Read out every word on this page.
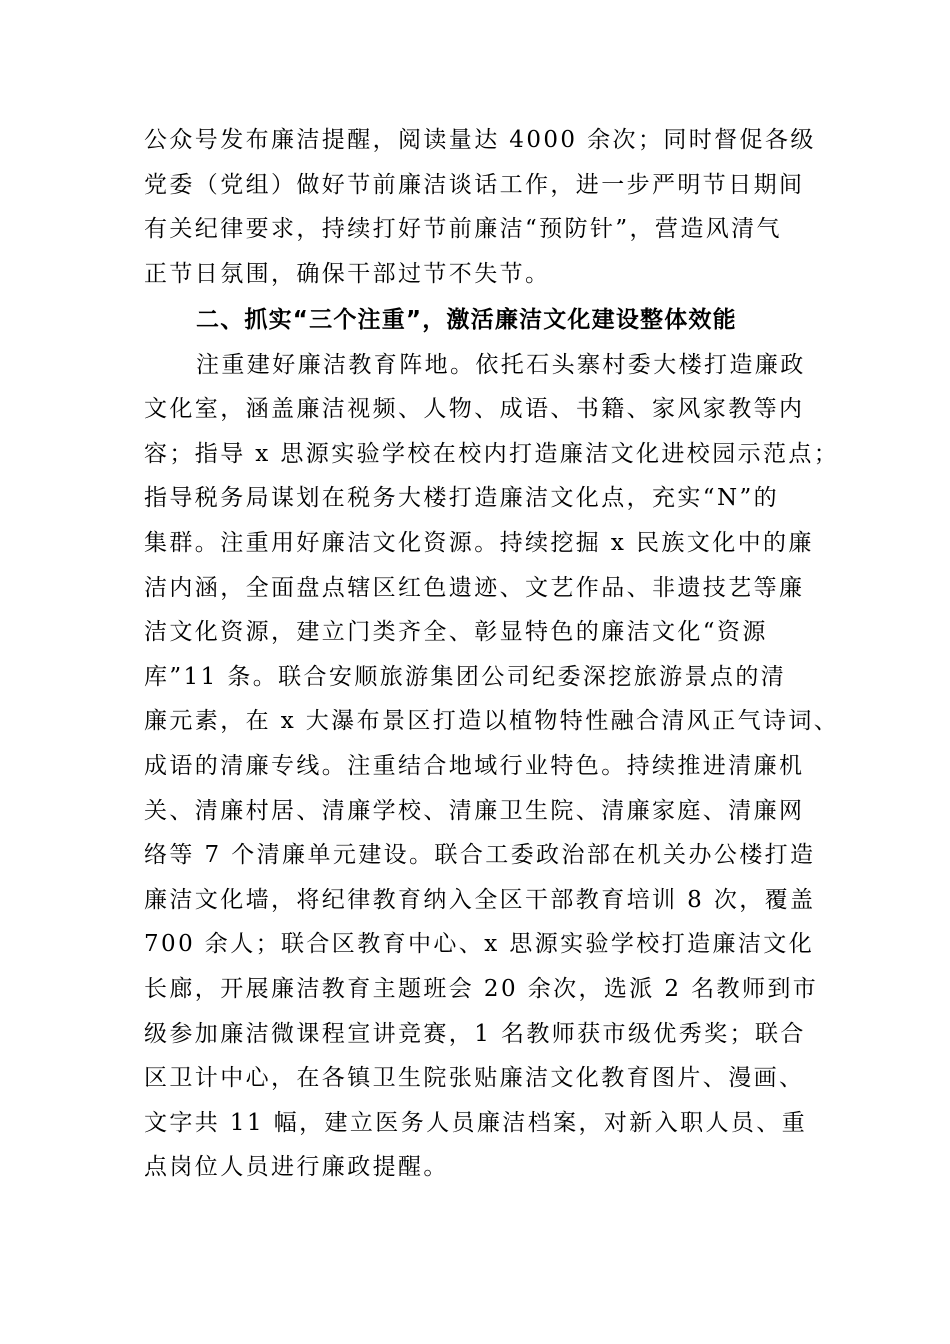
公众号发布廉洁提醒，阅读量达 4000 余次；同时督促各级
党委（党组）做好节前廉洁谈话工作，进一步严明节日期间
有关纪律要求，持续打好节前廉洁“预防针”，营造风清气
正节日氛围，确保干部过节不失节。
二、抓实“三个注重”，激活廉洁文化建设整体效能
注重建好廉洁教育阵地。依托石头寨村委大楼打造廉政
文化室，涵盖廉洁视频、人物、成语、书籍、家风家教等内
容；指导 x 思源实验学校在校内打造廉洁文化进校园示范点；
指导税务局谋划在税务大楼打造廉洁文化点，充实“N”的
集群。注重用好廉洁文化资源。持续挖掘 x 民族文化中的廉
洁内涵，全面盘点辖区红色遗迹、文艺作品、非遗技艺等廉
洁文化资源，建立门类齐全、彰显特色的廉洁文化“资源
库”11 条。联合安顺旅游集团公司纪委深挖旅游景点的清
廉元素，在 x 大瀑布景区打造以植物特性融合清风正气诗词、
成语的清廉专线。注重结合地域行业特色。持续推进清廉机
关、清廉村居、清廉学校、清廉卫生院、清廉家庭、清廉网
络等 7 个清廉单元建设。联合工委政治部在机关办公楼打造
廉洁文化墙，将纪律教育纳入全区干部教育培训 8 次，覆盖
700 余人；联合区教育中心、x 思源实验学校打造廉洁文化
长廊，开展廉洁教育主题班会 20 余次，选派 2 名教师到市
级参加廉洁微课程宣讲竞赛，1 名教师获市级优秀奖；联合
区卫计中心，在各镇卫生院张贴廉洁文化教育图片、漫画、
文字共 11 幅，建立医务人员廉洁档案，对新入职人员、重
点岗位人员进行廉政提醒。
